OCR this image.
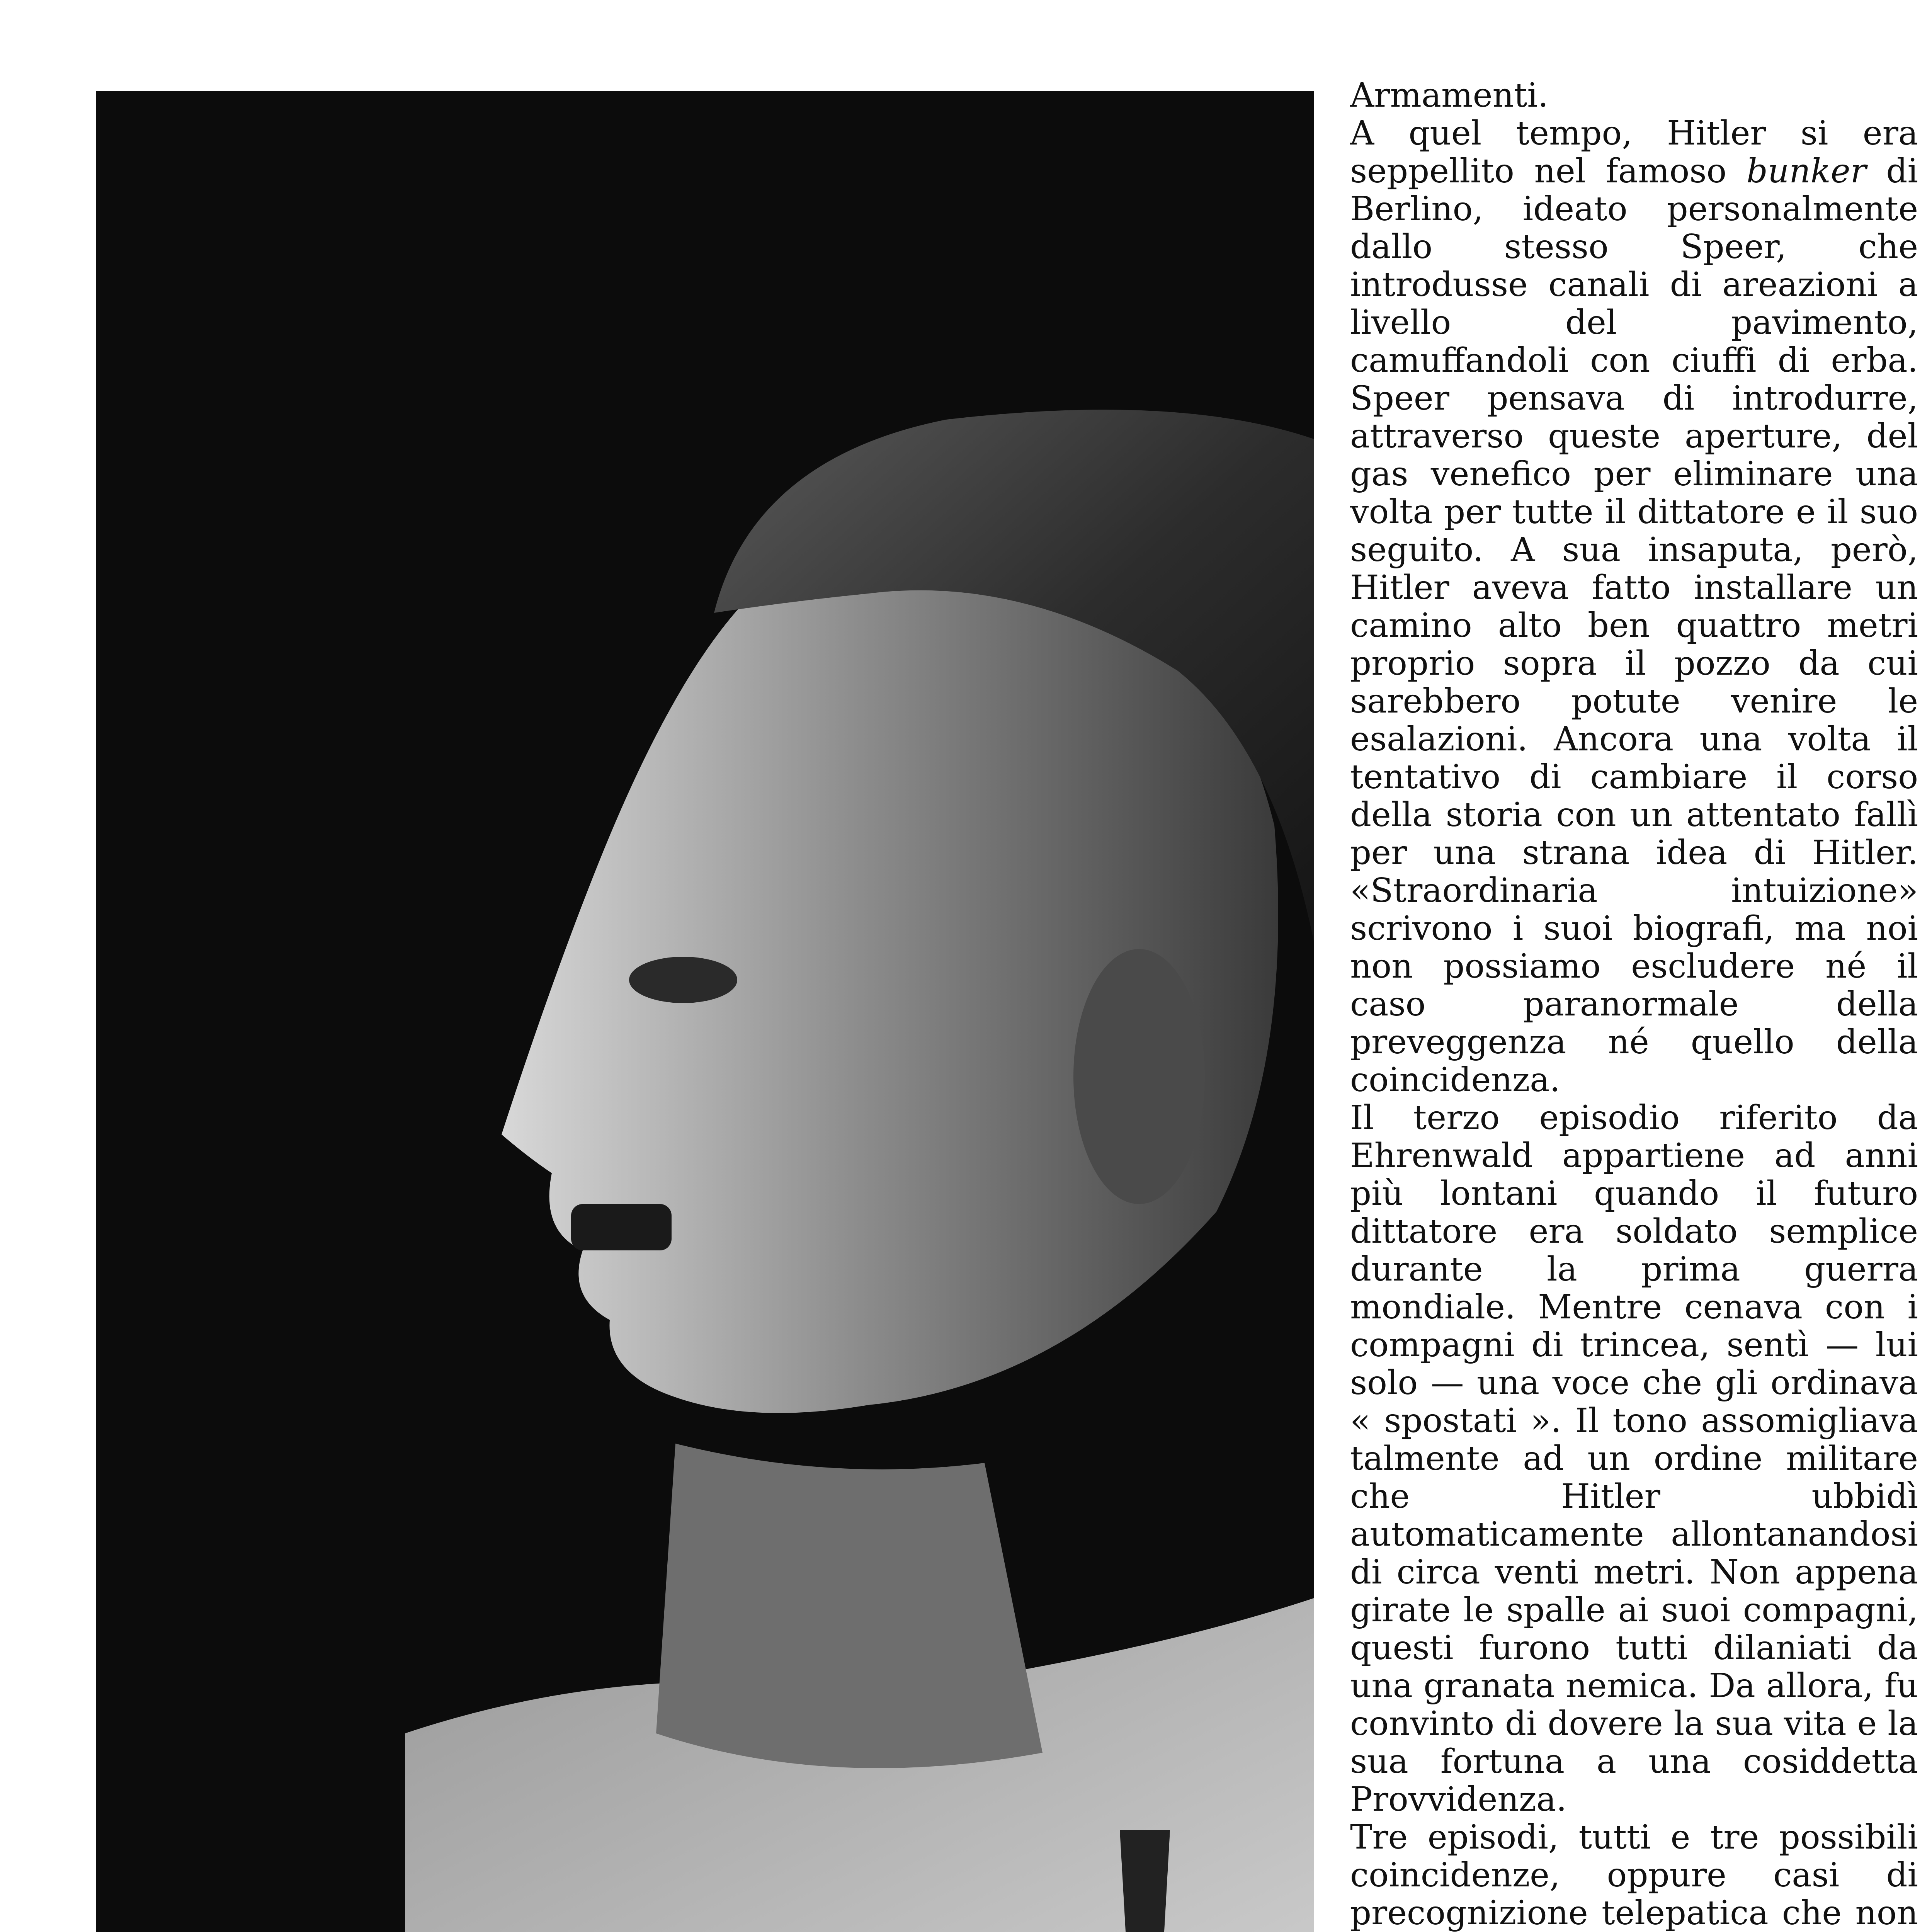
Armamenti.

A quel tempo, Hitler si era seppellito nel famoso bunker di Berlino, ideato personalmente dallo stesso Speer, che introdusse canali di areazioni a livello del pavimento, camuffandoli con ciuffi di erba. Speer pensava di introdurre, attraverso queste aperture, del gas venefico per eliminare una volta per tutte il dittatore e il suo seguito. A sua insaputa, però, Hitler aveva fatto installare un camino alto ben quattro metri proprio sopra il pozzo da cui sarebbero potute venire le esalazioni. Ancora una volta il tentativo di cambiare il corso della storia con un attentato fallì per una strana idea di Hitler. «Straordinaria intuizione» scrivono i suoi biografi, ma noi non possiamo escludere né il caso paranormale della preveggenza né quello della coincidenza.

Il terzo episodio riferito da Ehrenwald appartiene ad anni più lontani quando il futuro dittatore era soldato semplice durante la prima guerra mondiale. Mentre cenava con i compagni di trincea, sentì — lui solo — una voce che gli ordinava « spostati ». Il tono assomigliava talmente ad un ordine militare che Hitler ubbidì automaticamente allontanandosi di circa venti metri. Non appena girate le spalle ai suoi compagni, questi furono tutti dilaniati da una granata nemica. Da allora, fu convinto di dovere la sua vita e la sua fortuna a una cosiddetta Provvidenza.

Tre episodi, tutti e tre possibili coincidenze, oppure casi di precognizione telepatica che non
